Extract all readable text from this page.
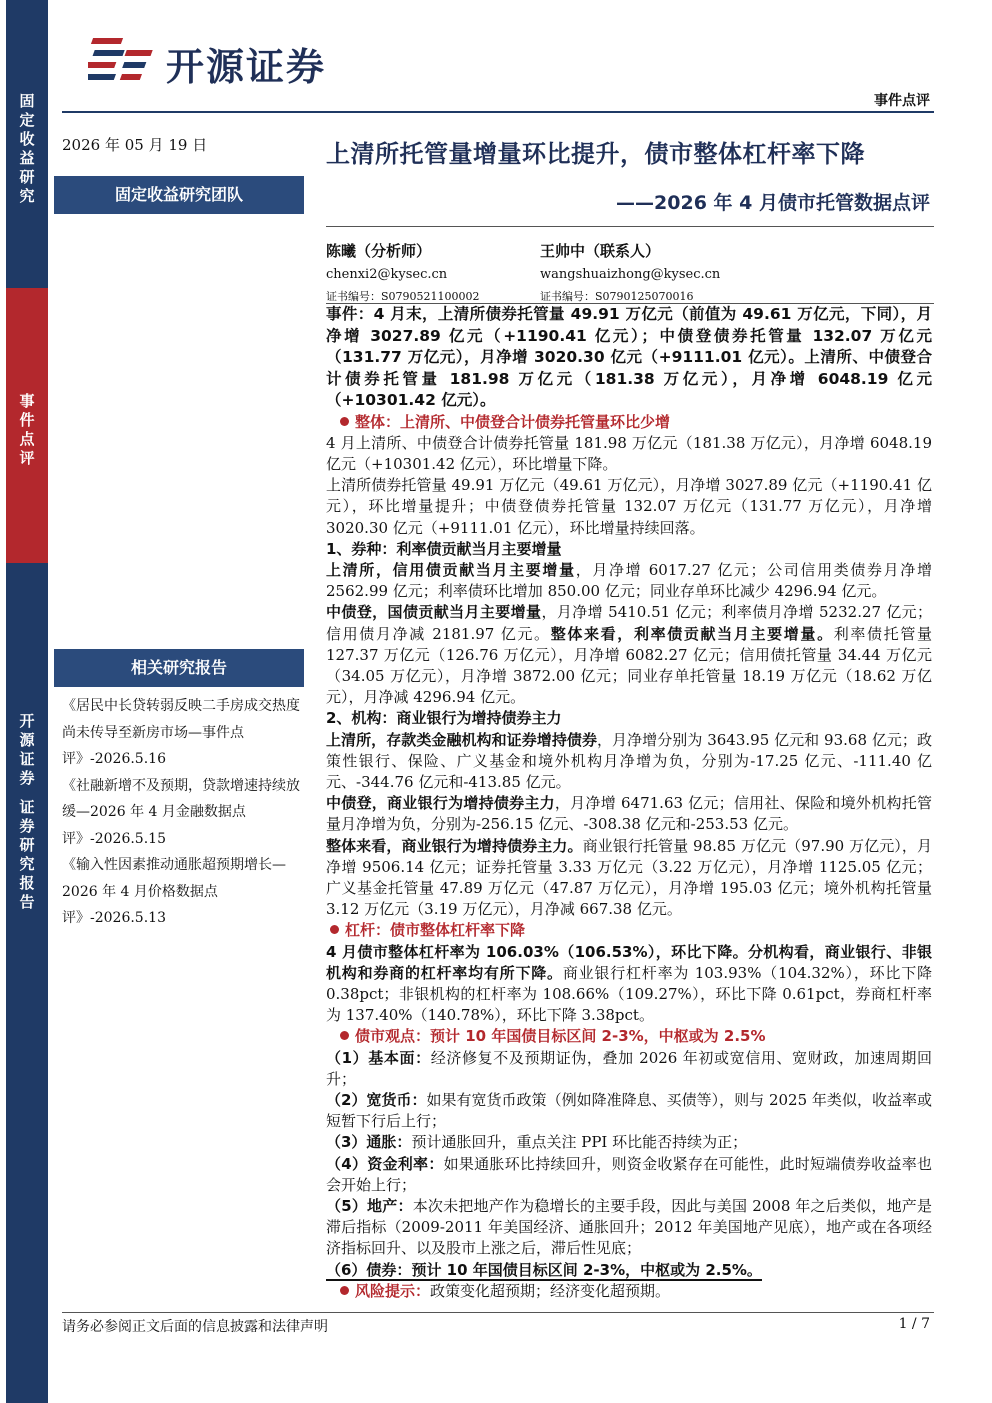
固
定
收
益
研
究
事
件
点
评
开
源
证
券
证
券
研
究
报
告
开源证券
事件点评
2026 年 05 月 19 日
固定收益研究团队
相关研究报告

《居民中长贷转弱反映二手房成交热度尚未传导至新房市场—事件点评》-2026.5.16

《社融新增不及预期，贷款增速持续放缓—2026 年 4 月金融数据点评》-2026.5.15

《输入性因素推动通胀超预期增长—2026 年 4 月价格数据点评》-2026.5.13

上清所托管量增量环比提升，债市整体杠杆率下降
——2026 年 4 月债市托管数据点评
陈曦（分析师）
chenxi2@kysec.cn
证书编号：S0790521100002
王帅中（联系人）
wangshuaizhong@kysec.cn
证书编号：S0790125070016

事件：4 月末，上清所债券托管量 49.91 万亿元（前值为 49.61 万亿元，下同），月净增 3027.89 亿元（+1190.41 亿元）；中债登债券托管量 132.07 万亿元（131.77 万亿元），月净增 3020.30 亿元（+9111.01 亿元）。上清所、中债登合计债券托管量 181.98 万亿元（181.38 万亿元），月净增 6048.19 亿元（+10301.42 亿元）。

整体：上清所、中债登合计债券托管量环比少增

4 月上清所、中债登合计债券托管量 181.98 万亿元（181.38 万亿元），月净增 6048.19 亿元（+10301.42 亿元），环比增量下降。

上清所债券托管量 49.91 万亿元（49.61 万亿元），月净增 3027.89 亿元（+1190.41 亿元），环比增量提升；中债登债券托管量 132.07 万亿元（131.77 万亿元），月净增 3020.30 亿元（+9111.01 亿元），环比增量持续回落。

1、券种：利率债贡献当月主要增量

上清所，信用债贡献当月主要增量，月净增 6017.27 亿元；公司信用类债券月净增 2562.99 亿元；利率债环比增加 850.00 亿元；同业存单环比减少 4296.94 亿元。

中债登，国债贡献当月主要增量，月净增 5410.51 亿元；利率债月净增 5232.27 亿元；信用债月净减 2181.97 亿元。整体来看，利率债贡献当月主要增量。利率债托管量 127.37 万亿元（126.76 万亿元），月净增 6082.27 亿元；信用债托管量 34.44 万亿元（34.05 万亿元），月净增 3872.00 亿元；同业存单托管量 18.19 万亿元（18.62 万亿元），月净减 4296.94 亿元。

2、机构：商业银行为增持债券主力

上清所，存款类金融机构和证券增持债券，月净增分别为 3643.95 亿元和 93.68 亿元；政策性银行、保险、广义基金和境外机构月净增为负，分别为-17.25 亿元、-111.40 亿元、-344.76 亿元和-413.85 亿元。

中债登，商业银行为增持债券主力，月净增 6471.63 亿元；信用社、保险和境外机构托管量月净增为负，分别为-256.15 亿元、-308.38 亿元和-253.53 亿元。

整体来看，商业银行为增持债券主力。商业银行托管量 98.85 万亿元（97.90 万亿元），月净增 9506.14 亿元；证券托管量 3.33 万亿元（3.22 万亿元），月净增 1125.05 亿元；广义基金托管量 47.89 万亿元（47.87 万亿元），月净增 195.03 亿元；境外机构托管量 3.12 万亿元（3.19 万亿元），月净减 667.38 亿元。

杠杆：债市整体杠杆率下降

4 月债市整体杠杆率为 106.03%（106.53%），环比下降。分机构看，商业银行、非银机构和券商的杠杆率均有所下降。商业银行杠杆率为 103.93%（104.32%），环比下降 0.38pct；非银机构的杠杆率为 108.66%（109.27%），环比下降 0.61pct，券商杠杆率为 137.40%（140.78%），环比下降 3.38pct。

债市观点：预计 10 年国债目标区间 2-3%，中枢或为 2.5%

（1）基本面：经济修复不及预期证伪，叠加 2026 年初或宽信用、宽财政，加速周期回升；

（2）宽货币：如果有宽货币政策（例如降准降息、买债等），则与 2025 年类似，收益率或短暂下行后上行；

（3）通胀：预计通胀回升，重点关注 PPI 环比能否持续为正；

（4）资金利率：如果通胀环比持续回升，则资金收紧存在可能性，此时短端债券收益率也会开始上行；

（5）地产：本次未把地产作为稳增长的主要手段，因此与美国 2008 年之后类似，地产是滞后指标（2009-2011 年美国经济、通胀回升；2012 年美国地产见底），地产或在各项经济指标回升、以及股市上涨之后，滞后性见底；

（6）债券：预计 10 年国债目标区间 2-3%，中枢或为 2.5%。

风险提示：政策变化超预期；经济变化超预期。

请务必参阅正文后面的信息披露和法律声明	1 / 7
